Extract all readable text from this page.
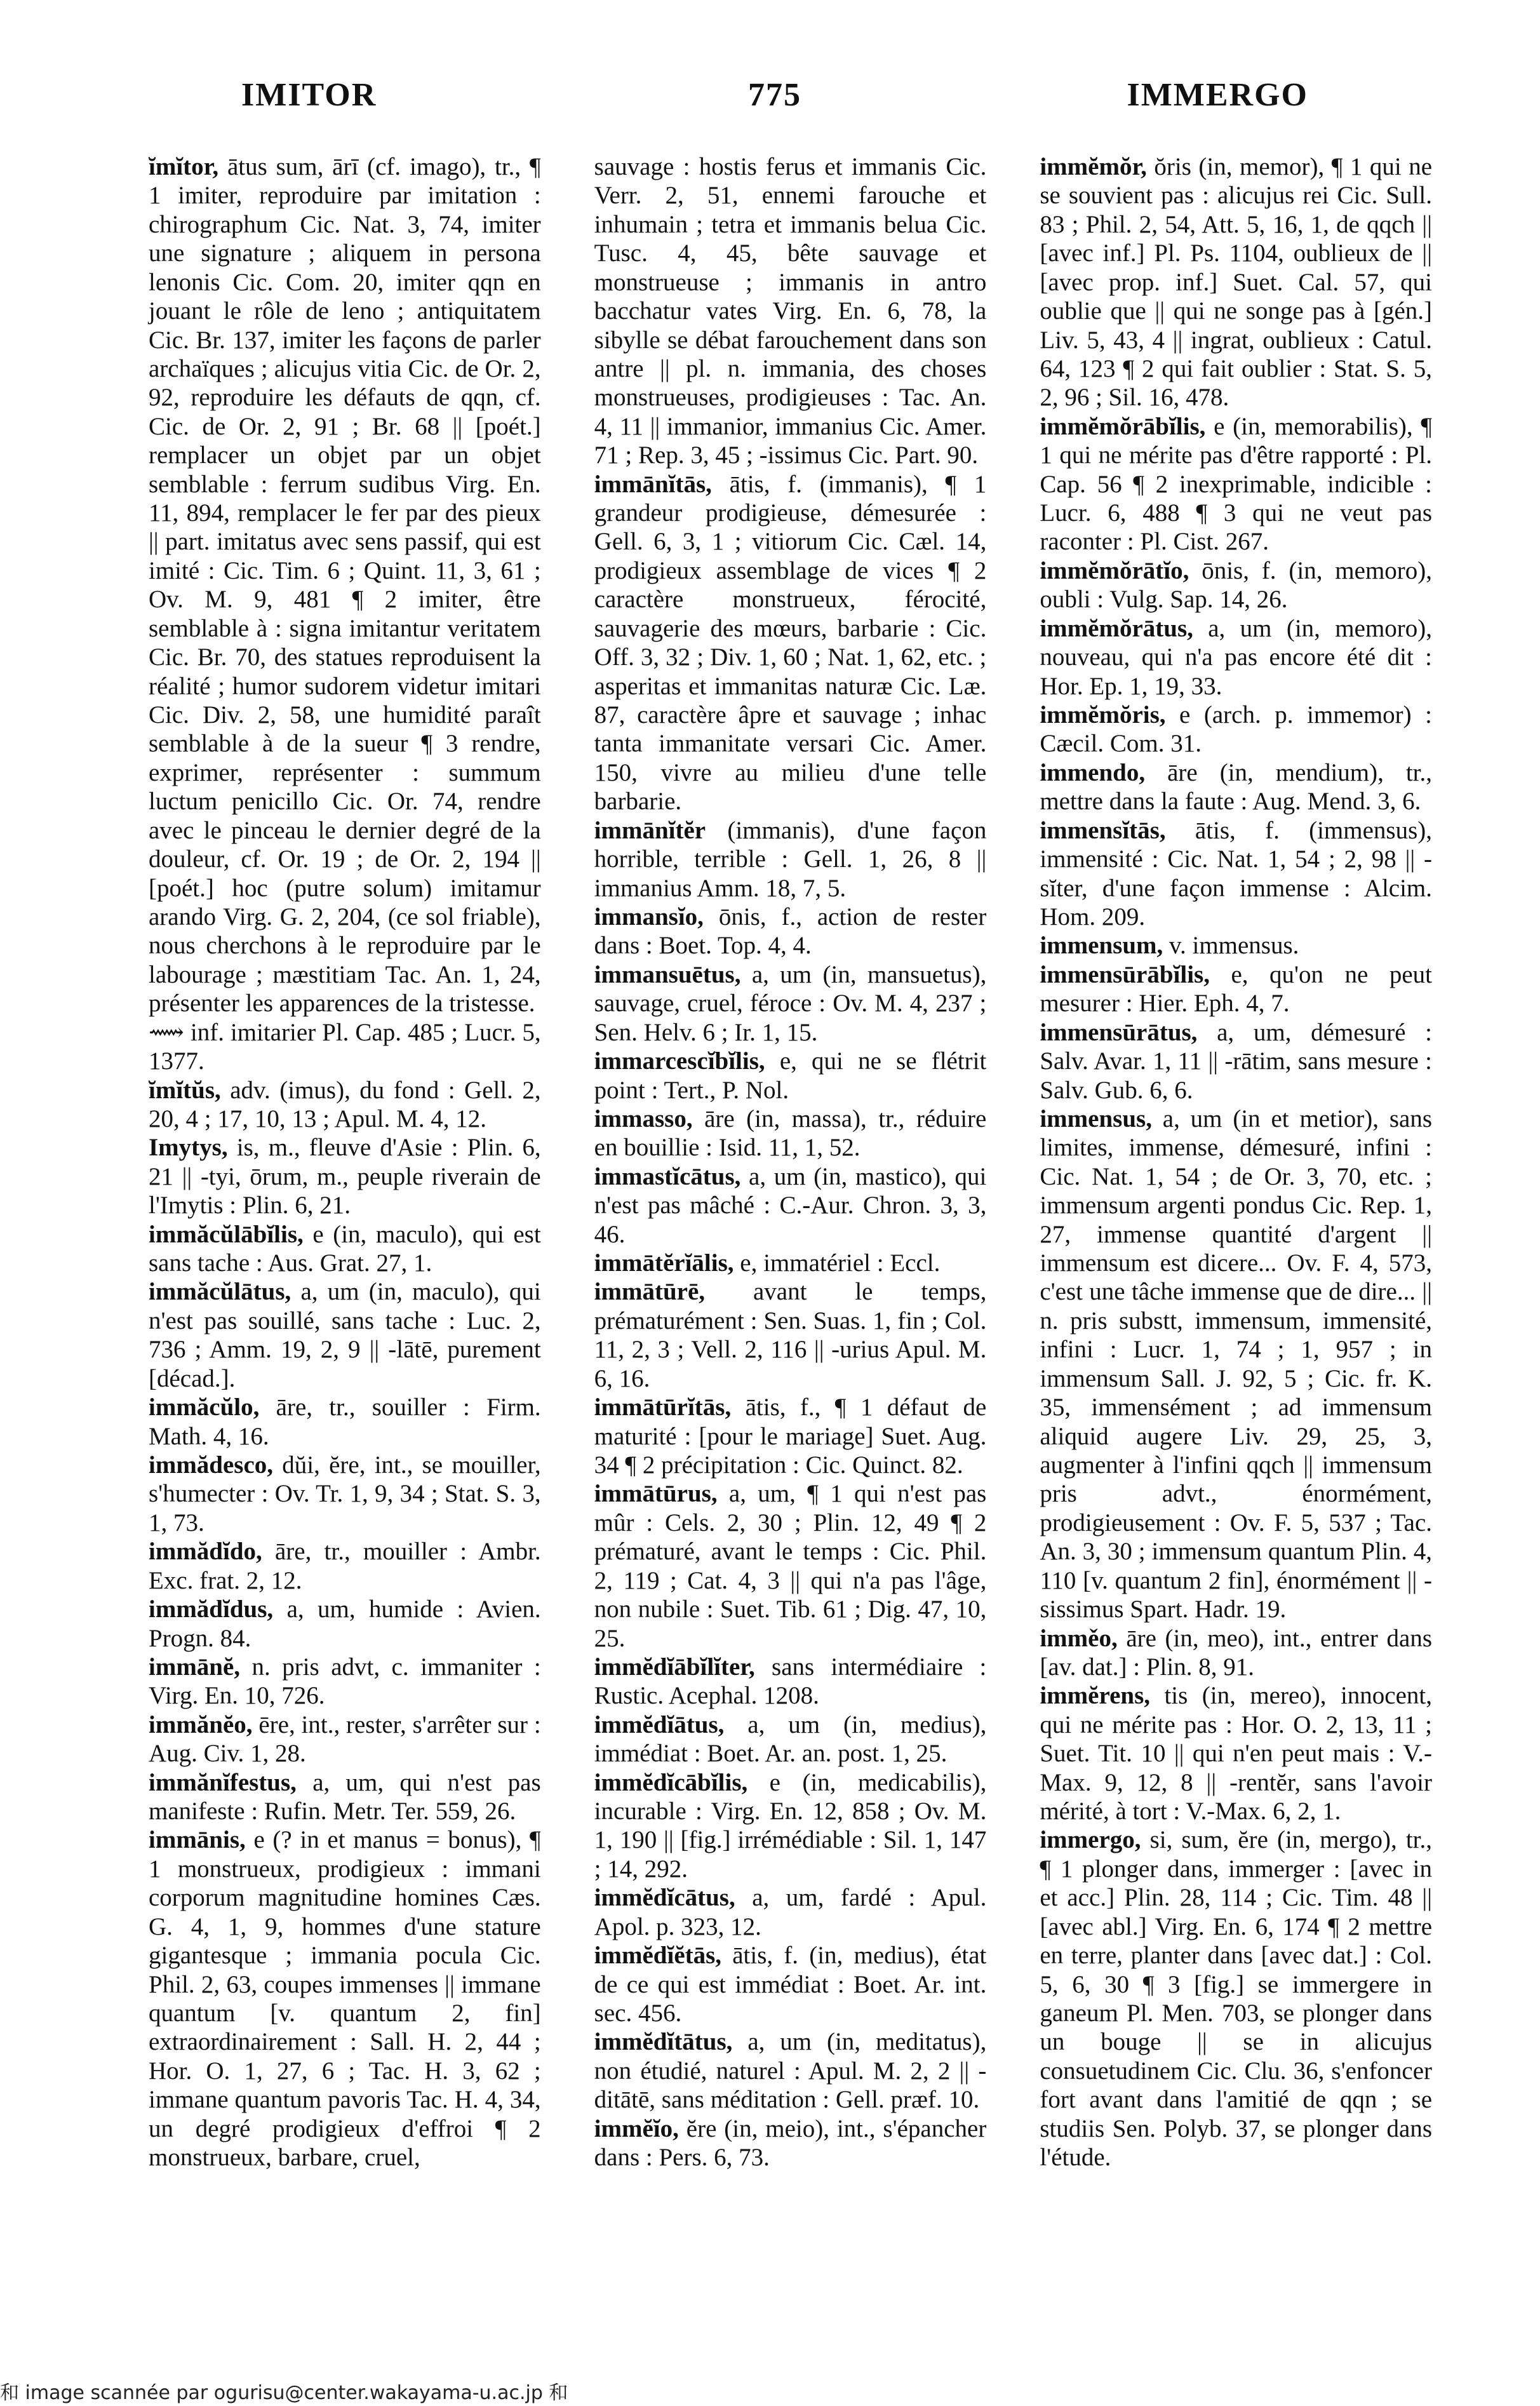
775
IMITOR	IMMERGO

ĭmĭtor, ātus sum, ārī (cf. imago), tr., ¶ 1 imiter, reproduire par imitation : chirographum Cic. Nat. 3, 74, imiter une signature ; aliquem in persona lenonis Cic. Com. 20, imiter qqn en jouant le rôle de leno ; antiquitatem Cic. Br. 137, imiter les façons de parler archaïques ; alicujus vitia Cic. de Or. 2, 92, reproduire les défauts de qqn, cf. Cic. de Or. 2, 91 ; Br. 68 || [poét.] remplacer un objet par un objet semblable : ferrum sudibus Virg. En. 11, 894, remplacer le fer par des pieux || part. imitatus avec sens passif, qui est imité : Cic. Tim. 6 ; Quint. 11, 3, 61 ; Ov. M. 9, 481 ¶ 2 imiter, être semblable à : signa imitantur veritatem Cic. Br. 70, des statues reproduisent la réalité ; humor sudorem videtur imitari Cic. Div. 2, 58, une humidité paraît semblable à de la sueur ¶ 3 rendre, exprimer, représenter : summum luctum penicillo Cic. Or. 74, rendre avec le pinceau le dernier degré de la douleur, cf. Or. 19 ; de Or. 2, 194 || [poét.] hoc (putre solum) imitamur arando Virg. G. 2, 204, (ce sol friable), nous cherchons à le reproduire par le labourage ; mæstitiam Tac. An. 1, 24, présenter les apparences de la tristesse.

⟿ inf. imitarier Pl. Cap. 485 ; Lucr. 5, 1377.

ĭmĭtŭs, adv. (imus), du fond : Gell. 2, 20, 4 ; 17, 10, 13 ; Apul. M. 4, 12.

Imytys, is, m., fleuve d'Asie : Plin. 6, 21 || -tyi, ōrum, m., peuple riverain de l'Imytis : Plin. 6, 21.

immăcŭlābĭlis, e (in, maculo), qui est sans tache : Aus. Grat. 27, 1.

immăcŭlātus, a, um (in, maculo), qui n'est pas souillé, sans tache : Luc. 2, 736 ; Amm. 19, 2, 9 || -lātē, purement [décad.].

immăcŭlo, āre, tr., souiller : Firm. Math. 4, 16.

immădesco, dŭi, ĕre, int., se mouiller, s'humecter : Ov. Tr. 1, 9, 34 ; Stat. S. 3, 1, 73.

immădĭdo, āre, tr., mouiller : Ambr. Exc. frat. 2, 12.

immădĭdus, a, um, humide : Avien. Progn. 84.

immānĕ, n. pris advt, c. immaniter : Virg. En. 10, 726.

immănĕo, ēre, int., rester, s'arrêter sur : Aug. Civ. 1, 28.

immănĭfestus, a, um, qui n'est pas manifeste : Rufin. Metr. Ter. 559, 26.

immānis, e (? in et manus = bonus), ¶ 1 monstrueux, prodigieux : immani corporum magnitudine homines Cæs. G. 4, 1, 9, hommes d'une stature gigantesque ; immania pocula Cic. Phil. 2, 63, coupes immenses || immane quantum [v. quantum 2, fin] extraordinairement : Sall. H. 2, 44 ; Hor. O. 1, 27, 6 ; Tac. H. 3, 62 ; immane quantum pavoris Tac. H. 4, 34, un degré prodigieux d'effroi ¶ 2 monstrueux, barbare, cruel,

sauvage : hostis ferus et immanis Cic. Verr. 2, 51, ennemi farouche et inhumain ; tetra et immanis belua Cic. Tusc. 4, 45, bête sauvage et monstrueuse ; immanis in antro bacchatur vates Virg. En. 6, 78, la sibylle se débat farouchement dans son antre || pl. n. immania, des choses monstrueuses, prodigieuses : Tac. An. 4, 11 || immanior, immanius Cic. Amer. 71 ; Rep. 3, 45 ; -issimus Cic. Part. 90.

immānĭtās, ātis, f. (immanis), ¶ 1 grandeur prodigieuse, démesurée : Gell. 6, 3, 1 ; vitiorum Cic. Cæl. 14, prodigieux assemblage de vices ¶ 2 caractère monstrueux, férocité, sauvagerie des mœurs, barbarie : Cic. Off. 3, 32 ; Div. 1, 60 ; Nat. 1, 62, etc. ; asperitas et immanitas naturæ Cic. Læ. 87, caractère âpre et sauvage ; inhac tanta immanitate versari Cic. Amer. 150, vivre au milieu d'une telle barbarie.

immānĭtĕr (immanis), d'une façon horrible, terrible : Gell. 1, 26, 8 || immanius Amm. 18, 7, 5.

immansĭo, ōnis, f., action de rester dans : Boet. Top. 4, 4.

immansuētus, a, um (in, mansuetus), sauvage, cruel, féroce : Ov. M. 4, 237 ; Sen. Helv. 6 ; Ir. 1, 15.

immarcescĭbĭlis, e, qui ne se flétrit point : Tert., P. Nol.

immasso, āre (in, massa), tr., réduire en bouillie : Isid. 11, 1, 52.

immastĭcātus, a, um (in, mastico), qui n'est pas mâché : C.-Aur. Chron. 3, 3, 46.

immātĕrĭālis, e, immatériel : Eccl.

immātūrē, avant le temps, prématurément : Sen. Suas. 1, fin ; Col. 11, 2, 3 ; Vell. 2, 116 || -urius Apul. M. 6, 16.

immātūrĭtās, ātis, f., ¶ 1 défaut de maturité : [pour le mariage] Suet. Aug. 34 ¶ 2 précipitation : Cic. Quinct. 82.

immātūrus, a, um, ¶ 1 qui n'est pas mûr : Cels. 2, 30 ; Plin. 12, 49 ¶ 2 prématuré, avant le temps : Cic. Phil. 2, 119 ; Cat. 4, 3 || qui n'a pas l'âge, non nubile : Suet. Tib. 61 ; Dig. 47, 10, 25.

immĕdĭābĭlĭter, sans intermédiaire : Rustic. Acephal. 1208.

immĕdĭātus, a, um (in, medius), immédiat : Boet. Ar. an. post. 1, 25.

immĕdĭcābĭlis, e (in, medicabilis), incurable : Virg. En. 12, 858 ; Ov. M. 1, 190 || [fig.] irrémédiable : Sil. 1, 147 ; 14, 292.

immĕdĭcātus, a, um, fardé : Apul. Apol. p. 323, 12.

immĕdĭĕtās, ātis, f. (in, medius), état de ce qui est immédiat : Boet. Ar. int. sec. 456.

immĕdĭtātus, a, um (in, meditatus), non étudié, naturel : Apul. M. 2, 2 || -ditātē, sans méditation : Gell. præf. 10.

immĕĭo, ĕre (in, meio), int., s'épancher dans : Pers. 6, 73.

immĕmŏr, ŏris (in, memor), ¶ 1 qui ne se souvient pas : alicujus rei Cic. Sull. 83 ; Phil. 2, 54, Att. 5, 16, 1, de qqch || [avec inf.] Pl. Ps. 1104, oublieux de || [avec prop. inf.] Suet. Cal. 57, qui oublie que || qui ne songe pas à [gén.] Liv. 5, 43, 4 || ingrat, oublieux : Catul. 64, 123 ¶ 2 qui fait oublier : Stat. S. 5, 2, 96 ; Sil. 16, 478.

immĕmŏrābĭlis, e (in, memorabilis), ¶ 1 qui ne mérite pas d'être rapporté : Pl. Cap. 56 ¶ 2 inexprimable, indicible : Lucr. 6, 488 ¶ 3 qui ne veut pas raconter : Pl. Cist. 267.

immĕmŏrātĭo, ōnis, f. (in, memoro), oubli : Vulg. Sap. 14, 26.

immĕmŏrātus, a, um (in, memoro), nouveau, qui n'a pas encore été dit : Hor. Ep. 1, 19, 33.

immĕmŏris, e (arch. p. immemor) : Cæcil. Com. 31.

immendo, āre (in, mendium), tr., mettre dans la faute : Aug. Mend. 3, 6.

immensĭtās, ātis, f. (immensus), immensité : Cic. Nat. 1, 54 ; 2, 98 || -sĭter, d'une façon immense : Alcim. Hom. 209.

immensum, v. immensus.

immensūrābĭlis, e, qu'on ne peut mesurer : Hier. Eph. 4, 7.

immensūrātus, a, um, démesuré : Salv. Avar. 1, 11 || -rātim, sans mesure : Salv. Gub. 6, 6.

immensus, a, um (in et metior), sans limites, immense, démesuré, infini : Cic. Nat. 1, 54 ; de Or. 3, 70, etc. ; immensum argenti pondus Cic. Rep. 1, 27, immense quantité d'argent || immensum est dicere... Ov. F. 4, 573, c'est une tâche immense que de dire... || n. pris substt, immensum, immensité, infini : Lucr. 1, 74 ; 1, 957 ; in immensum Sall. J. 92, 5 ; Cic. fr. K. 35, immensément ; ad immensum aliquid augere Liv. 29, 25, 3, augmenter à l'infini qqch || immensum pris advt., énormément, prodigieusement : Ov. F. 5, 537 ; Tac. An. 3, 30 ; immensum quantum Plin. 4, 110 [v. quantum 2 fin], énormément || -sissimus Spart. Hadr. 19.

imměo, āre (in, meo), int., entrer dans [av. dat.] : Plin. 8, 91.

immĕrens, tis (in, mereo), innocent, qui ne mérite pas : Hor. O. 2, 13, 11 ; Suet. Tit. 10 || qui n'en peut mais : V.-Max. 9, 12, 8 || -rentĕr, sans l'avoir mérité, à tort : V.-Max. 6, 2, 1.

immergo, si, sum, ĕre (in, mergo), tr., ¶ 1 plonger dans, immerger : [avec in et acc.] Plin. 28, 114 ; Cic. Tim. 48 || [avec abl.] Virg. En. 6, 174 ¶ 2 mettre en terre, planter dans [avec dat.] : Col. 5, 6, 30 ¶ 3 [fig.] se immergere in ganeum Pl. Men. 703, se plonger dans un bouge || se in alicujus consuetudinem Cic. Clu. 36, s'enfoncer fort avant dans l'amitié de qqn ; se studiis Sen. Polyb. 37, se plonger dans l'étude.

和 image scannée par ogurisu@center.wakayama-u.ac.jp 和
